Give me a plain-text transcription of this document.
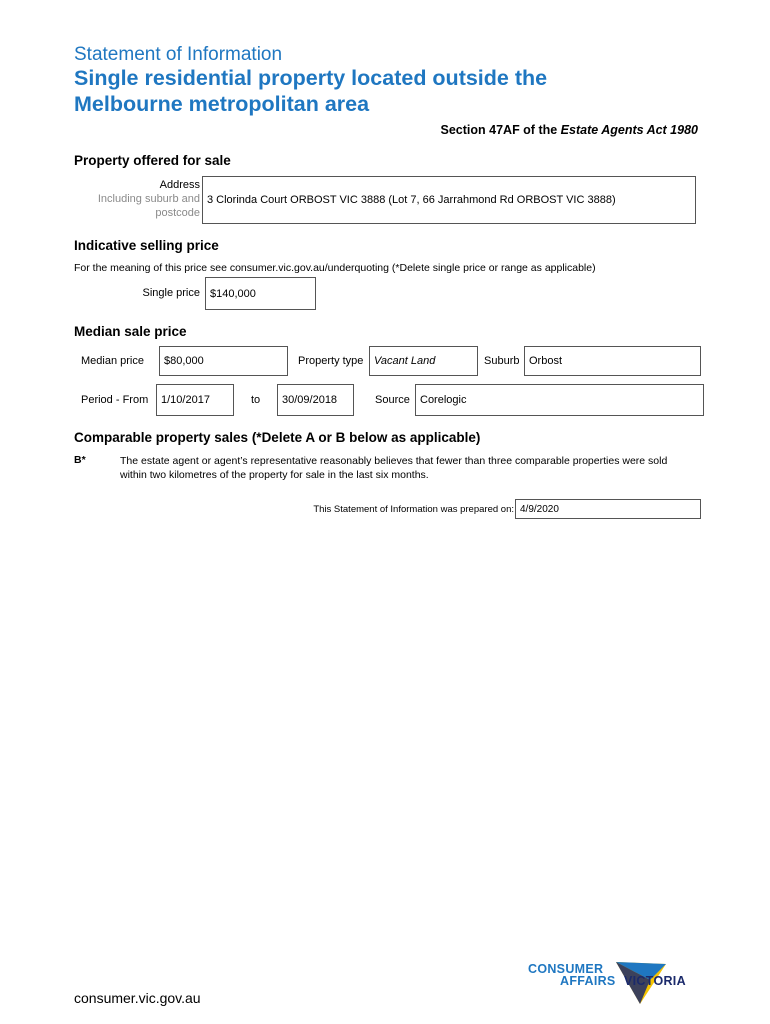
Statement of Information
Single residential property located outside the
Melbourne metropolitan area
Section 47AF of the Estate Agents Act 1980
Property offered for sale
Address
Including suburb and
postcode
3 Clorinda Court ORBOST VIC 3888 (Lot 7, 66 Jarrahmond Rd ORBOST VIC 3888)
Indicative selling price
For the meaning of this price see consumer.vic.gov.au/underquoting (*Delete single price or range as applicable)
Single price $140,000
Median sale price
Median price	$80,000	Property type Vacant Land	Suburb Orbost
Period - From	1/10/2017	to	30/09/2018	Source Corelogic
Comparable property sales (*Delete A or B below as applicable)
B*	The estate agent or agent’s representative reasonably believes that fewer than three comparable properties were sold within two kilometres of the property for sale in the last six months.
This Statement of Information was prepared on: 4/9/2020
consumer.vic.gov.au
CONSUMER
AFFAIRS VICTORIA
